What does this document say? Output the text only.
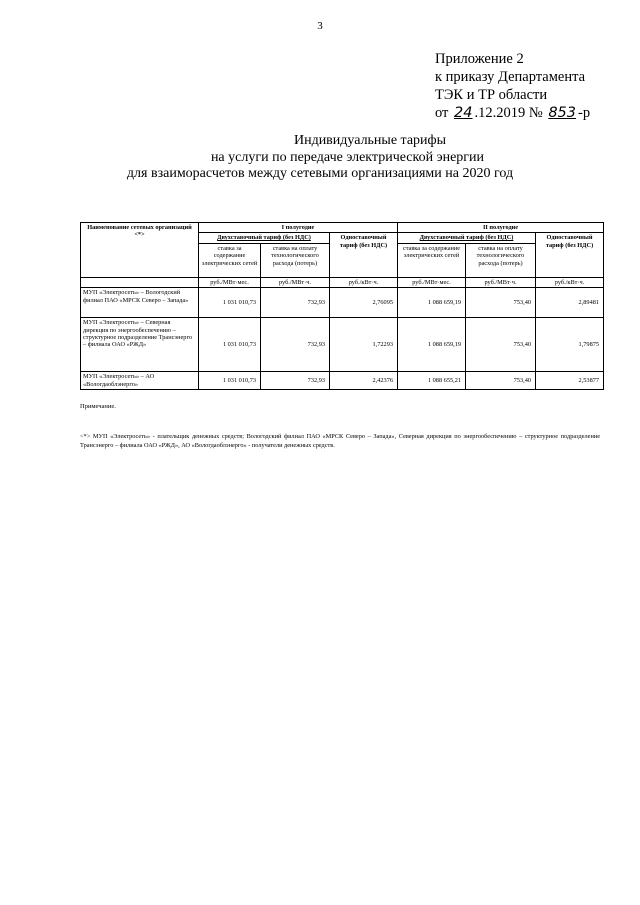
3
Приложение 2
к приказу Департамента
ТЭК и ТР области
от 24 .12.2019 № 853 -р
Индивидуальные тарифы
на услуги по передаче электрической энергии
для взаиморасчетов между сетевыми организациями на 2020 год
Наименование сетевых организаций <*>	I полугодие			II полугодие		
	Двухставочный тариф (без НДС)		Одноставочный тариф (без НДС)	Двухставочный тариф (без НДС)		Одноставочный тариф (без НДС)
	ставка за содержание электрических сетей	ставка на оплату технологического расхода (потерь)		ставка за содержание электрических сетей	ставка на оплату технологического расхода (потерь)	
	руб./МВт·мес.	руб./МВт·ч.	руб./кВт·ч.	руб./МВт·мес.	руб./МВт·ч.	руб./кВт·ч.
МУП «Электросеть» – Вологодский филиал ПАО «МРСК Северо – Запада»	1 031 010,73	732,93	2,76095	1 088 659,19	753,40	2,89481
МУП «Электросеть» – Северная дирекция по энергообеспечению – структурное подразделение Трансэнерго – филиала ОАО «РЖД»	1 031 010,73	732,93	1,72293	1 088 659,19	753,40	1,79875
МУП «Электросеть» – АО «Вологдаоблэнерго»	1 031 010,73	732,93	2,42376	1 088 655,21	753,40	2,53877
Примечание.
<*> МУП «Электросеть» - плательщик денежных средств; Вологодский филиал ПАО «МРСК Северо – Запада», Северная дирекция по энергообеспечению – структурное подразделение Трансэнерго – филиала ОАО «РЖД», АО «Вологдаоблэнерго» - получатели денежных средств.
